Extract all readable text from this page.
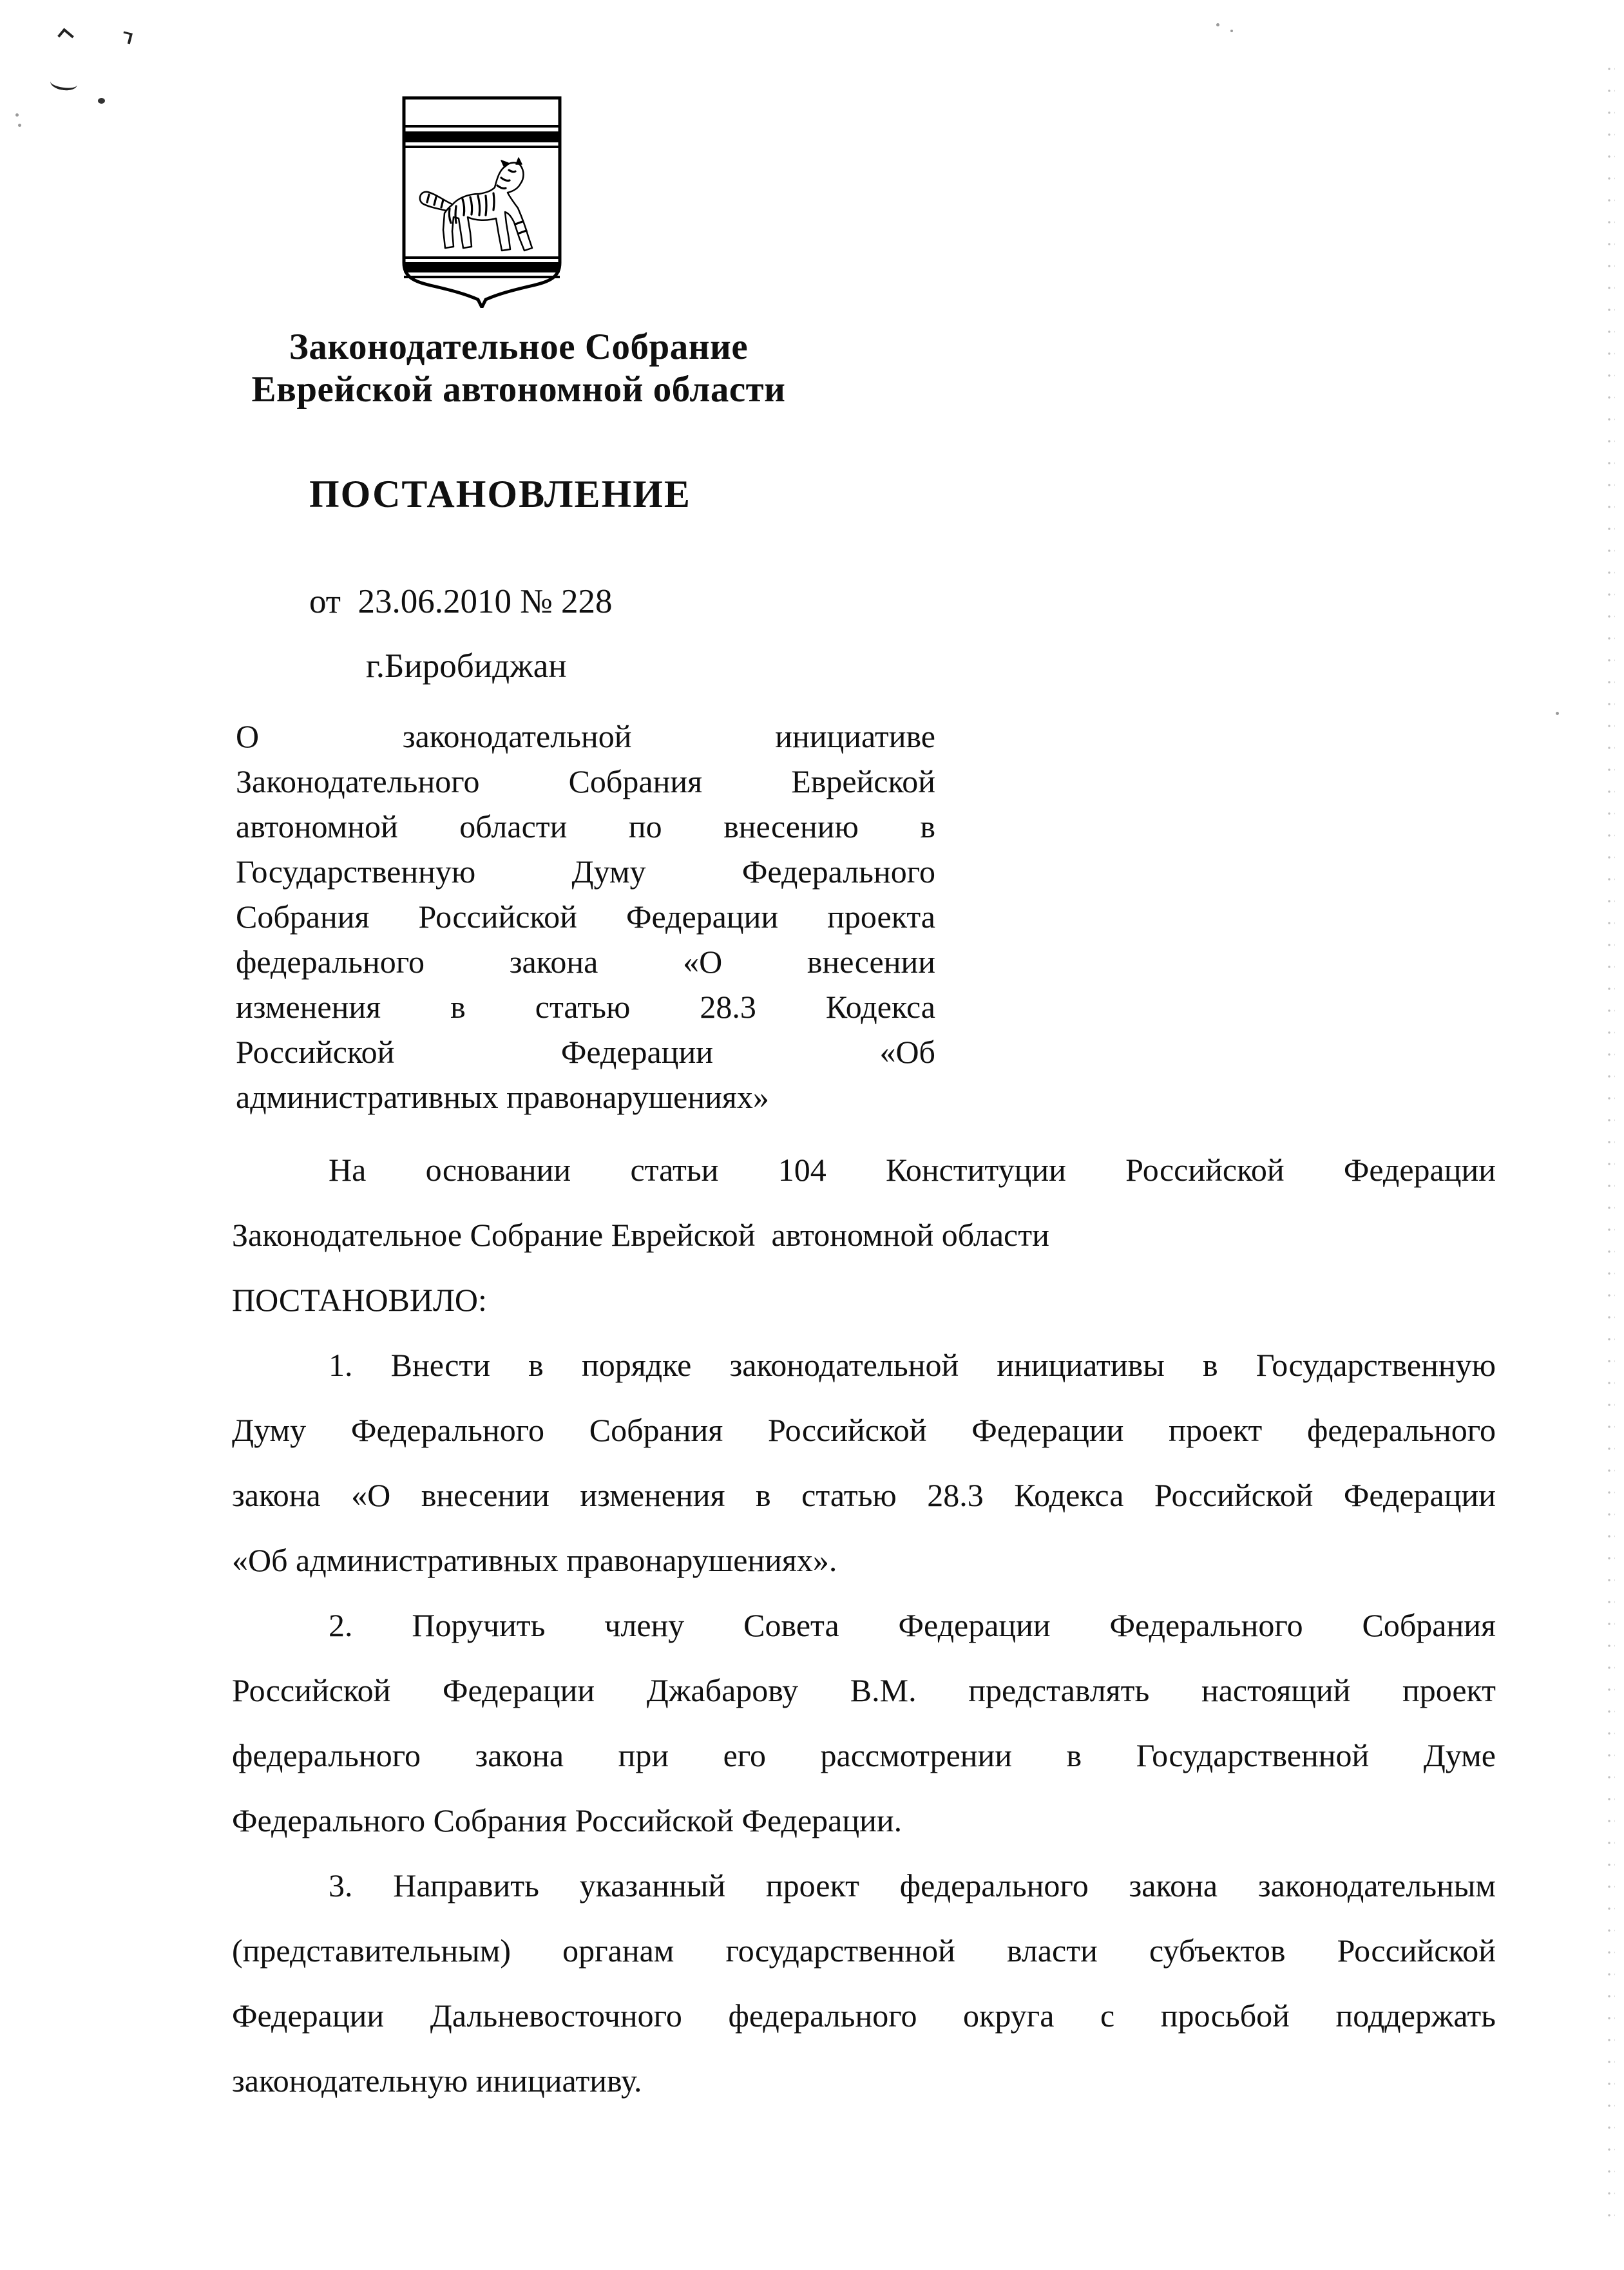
Законодательное Собрание
Еврейской автономной области
ПОСТАНОВЛЕНИЕ
от  23.06.2010 № 228
г.Биробиджан
О законодательной инициативе
Законодательного Собрания Еврейской
автономной области по внесению в
Государственную Думу Федерального
Собрания Российской Федерации проекта
федерального закона «О внесении
изменения в статью 28.3 Кодекса
Российской Федерации «Об
административных правонарушениях»
На основании статьи 104 Конституции Российской Федерации
Законодательное Собрание Еврейской  автономной области
ПОСТАНОВИЛО:
1. Внести в порядке законодательной инициативы в Государственную
Думу Федерального Собрания Российской Федерации проект федерального
закона «О внесении изменения в статью 28.3 Кодекса Российской Федерации
«Об административных правонарушениях».
2. Поручить члену Совета Федерации Федерального Собрания
Российской Федерации Джабарову В.М. представлять настоящий проект
федерального закона при его рассмотрении в Государственной Думе
Федерального Собрания Российской Федерации.
3. Направить указанный проект федерального закона законодательным
(представительным) органам государственной власти субъектов Российской
Федерации Дальневосточного федерального округа с просьбой поддержать
законодательную инициативу.
